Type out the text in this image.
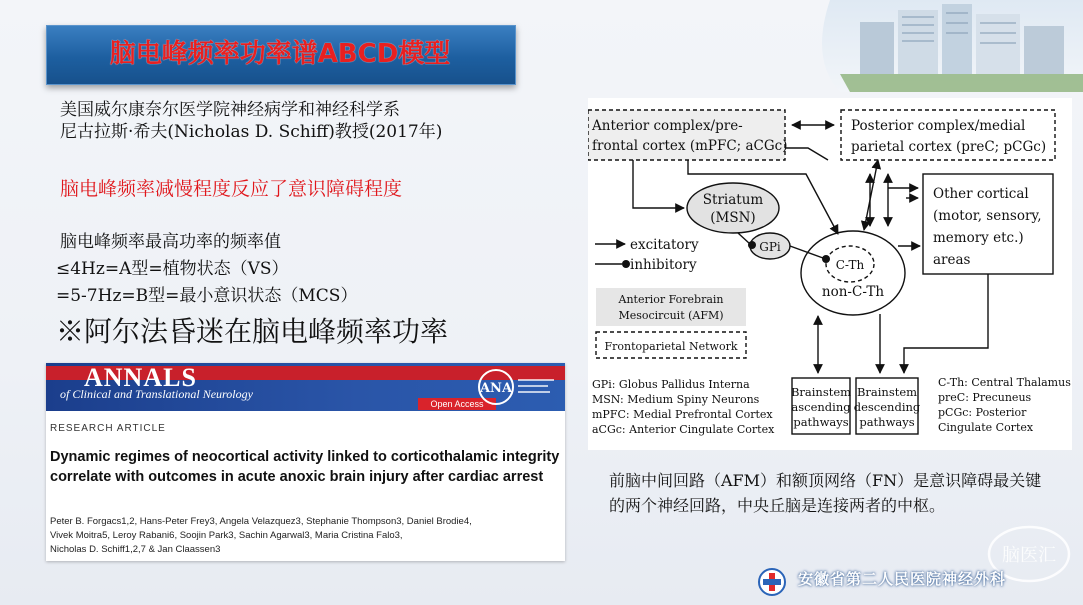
脑电峰频率功率谱ABCD模型
美国威尔康奈尔医学院神经病学和神经科学系
尼古拉斯·希夫(Nicholas D. Schiff)教授(2017年)
脑电峰频率减慢程度反应了意识障碍程度
脑电峰频率最高功率的频率值
≤4Hz=A型=植物状态（VS）
=5-7Hz=B型=最小意识状态（MCS）
※阿尔法昏迷在脑电峰频率功率
ANNALS
of Clinical and Translational Neurology
Open Access
ANA
RESEARCH ARTICLE
Dynamic regimes of neocortical activity linked to corticothalamic integrity correlate with outcomes in acute anoxic brain injury after cardiac arrest
Peter B. Forgacs1,2, Hans-Peter Frey3, Angela Velazquez3, Stephanie Thompson3, Daniel Brodie4,
Vivek Moitra5, Leroy Rabani6, Soojin Park3, Sachin Agarwal3, Maria Cristina Falo3,
Nicholas D. Schiff1,2,7 & Jan Claassen3
Anterior complex/pre-
frontal cortex (mPFC; aCGc)
Posterior complex/medial
parietal cortex (preC; pCGc)
Other cortical
(motor, sensory,
memory etc.)
areas
Striatum
(MSN)
GPi
C-Th
non-C-Th
excitatory
inhibitory
Anterior Forebrain
Mesocircuit (AFM)
Frontoparietal Network
Brainstem
ascending
pathways
Brainstem
descending
pathways
GPi: Globus Pallidus Interna
MSN: Medium Spiny Neurons
mPFC: Medial Prefrontal Cortex
aCGc: Anterior Cingulate Cortex
C-Th: Central Thalamus
preC: Precuneus
pCGc: Posterior
Cingulate Cortex
前脑中间回路（AFM）和额顶网络（FN）是意识障碍最关键的两个神经回路，中央丘脑是连接两者的中枢。
脑医汇
安徽省第二人民医院神经外科
